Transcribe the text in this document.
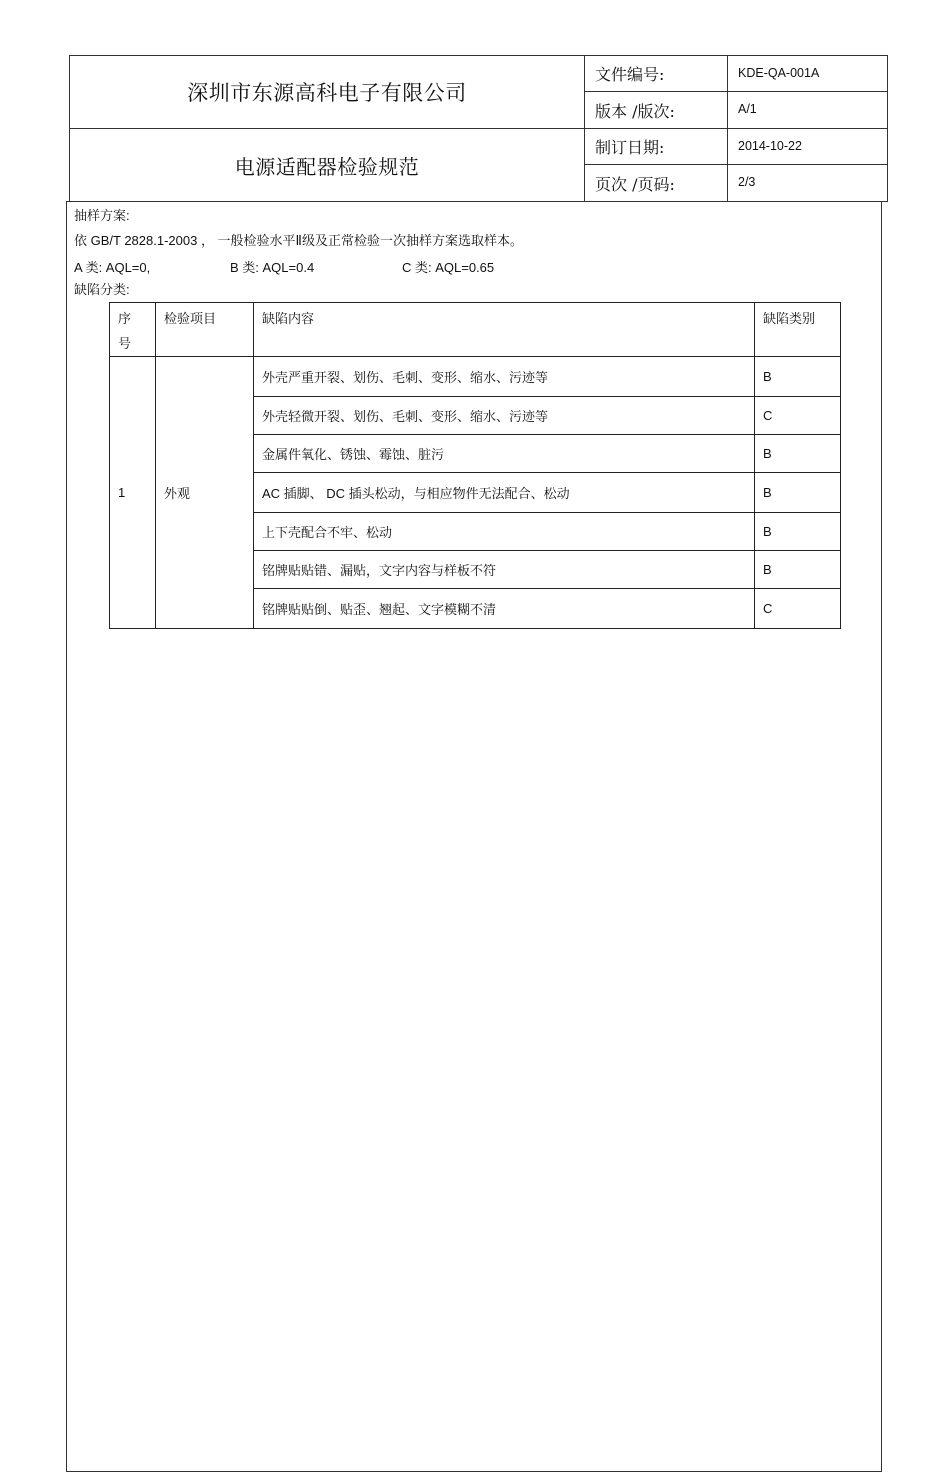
深圳市东源高科电子有限公司	文件编号:	KDE-QA-001A
	版本 /版次:	A/1
电源适配器检验规范	制订日期:	2014-10-22
	页次 /页码:	2/3
抽样方案:
依 GB/T 2828.1-2003 ， 一般检验水平Ⅱ级及正常检验一次抽样方案选取样本。
A 类: AQL=0,	B 类: AQL=0.4	C 类: AQL=0.65
缺陷分类:
序
号	检验项目	缺陷内容	缺陷类别
1	外观	外壳严重开裂、划伤、毛刺、变形、缩水、污迹等	B
		外壳轻微开裂、划伤、毛刺、变形、缩水、污迹等	C
		金属件氧化、锈蚀、霉蚀、脏污	B
		AC 插脚、 DC 插头松动，与相应物件无法配合、松动	B
		上下壳配合不牢、松动	B
		铭牌贴贴错、漏贴，文字内容与样板不符	B
		铭牌贴贴倒、贴歪、翘起、文字模糊不清	C
